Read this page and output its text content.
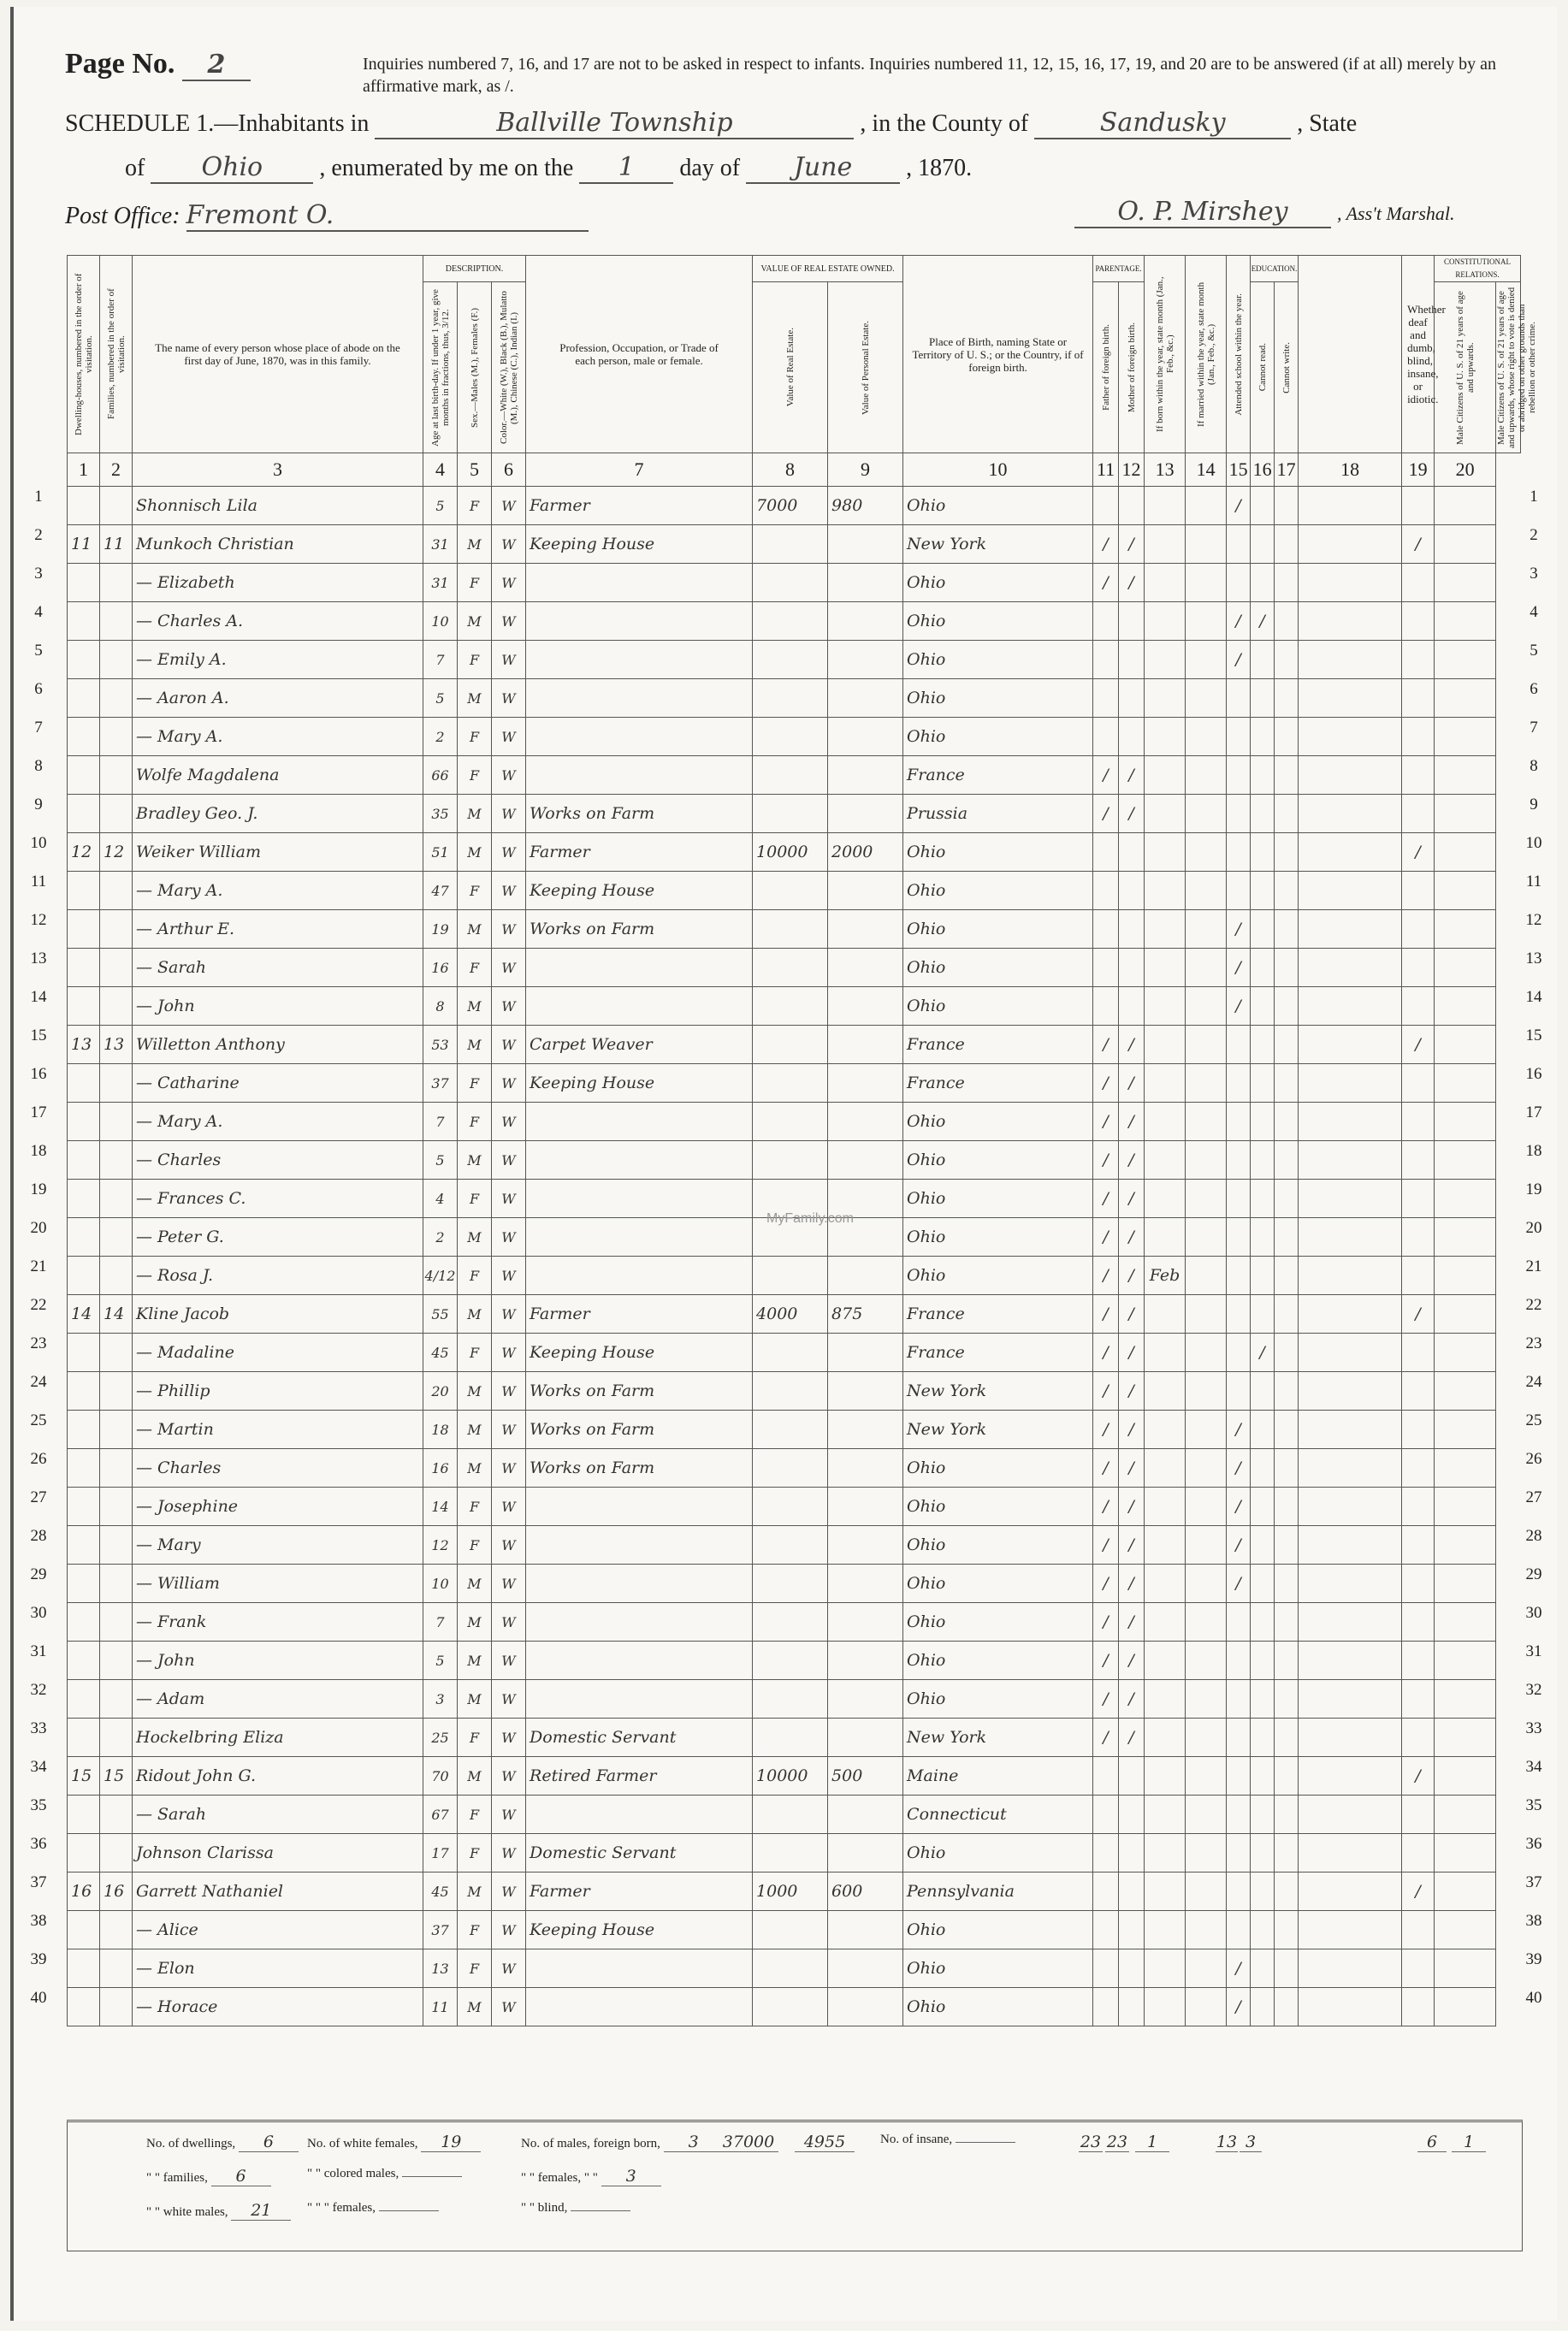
Page No. 2	Inquiries numbered 7, 16, and 17 are not to be asked in respect to infants. Inquiries numbered 11, 12, 15, 16, 17, 19, and 20 are to be answered (if at all) merely by an affirmative mark, as /.
SCHEDULE 1.—Inhabitants in	Ballville Township	, in the County of	Sandusky	, State
of Ohio , enumerated by me on the 1 day of June , 1870.
Post Office: Fremont O.	O. P. Mirshey	, Ass't Marshal.
Dwelling-houses, numbered in the order of visitation.	Families, numbered in the order of visitation.	The name of every person whose place of abode on the first day of June, 1870, was in this family.	DESCRIPTION.			Profession, Occupation, or Trade of each person, male or female.	VALUE OF REAL ESTATE OWNED.		Place of Birth, naming State or Territory of U. S.; or the Country, if of foreign birth.	PARENTAGE.		If born within the year, state month (Jan., Feb., &c.)	If married within the year, state month (Jan., Feb., &c.)	Attended school within the year.	EDUCATION.			Whether deaf and dumb, blind, insane, or idiotic.	CONSTITUTIONAL RELATIONS.	

			Age at last birth-day. If under 1 year, give months in fractions, thus, 3/12.	Sex.—Males (M.), Females (F.)	Color.—White (W.), Black (B.), Mulatto (M.), Chinese (C.), Indian (I.)		Value of Real Estate.	Value of Personal Estate.		Father of foreign birth.	Mother of foreign birth.				Cannot read.	Cannot write.			Male Citizens of U. S. of 21 years of age and upwards.	Male Citizens of U. S. of 21 years of age and upwards, whose right to vote is denied or abridged on other grounds than rebellion or other crime.

1	2	3	4	5	6	7	8	9	10	11	12	13	14	15	16	17	18	19	20	
		Shonnisch Lila	5	F	W	Farmer	7000	980	Ohio					/						
11	11	Munkoch Christian	31	M	W	Keeping House			New York	/	/							/		
		— Elizabeth	31	F	W				Ohio	/	/									
		— Charles A.	10	M	W				Ohio					/	/					
		— Emily A.	7	F	W				Ohio					/						
		— Aaron A.	5	M	W				Ohio											
		— Mary A.	2	F	W				Ohio											
		Wolfe Magdalena	66	F	W				France	/	/									
		Bradley Geo. J.	35	M	W	Works on Farm			Prussia	/	/									
12	12	Weiker William	51	M	W	Farmer	10000	2000	Ohio									/		
		— Mary A.	47	F	W	Keeping House			Ohio											
		— Arthur E.	19	M	W	Works on Farm			Ohio					/						
		— Sarah	16	F	W				Ohio					/						
		— John	8	M	W				Ohio					/						
13	13	Willetton Anthony	53	M	W	Carpet Weaver			France	/	/							/		
		— Catharine	37	F	W	Keeping House			France	/	/									
		— Mary A.	7	F	W				Ohio	/	/									
		— Charles	5	M	W				Ohio	/	/									
		— Frances C.	4	F	W				Ohio	/	/									
		— Peter G.	2	M	W				Ohio	/	/									
		— Rosa J.	4/12	F	W				Ohio	/	/	Feb								
14	14	Kline Jacob	55	M	W	Farmer	4000	875	France	/	/							/		
		— Madaline	45	F	W	Keeping House			France	/	/				/					
		— Phillip	20	M	W	Works on Farm			New York	/	/									
		— Martin	18	M	W	Works on Farm			New York	/	/			/						
		— Charles	16	M	W	Works on Farm			Ohio	/	/			/						
		— Josephine	14	F	W				Ohio	/	/			/						
		— Mary	12	F	W				Ohio	/	/			/						
		— William	10	M	W				Ohio	/	/			/						
		— Frank	7	M	W				Ohio	/	/									
		— John	5	M	W				Ohio	/	/									
		— Adam	3	M	W				Ohio	/	/									
		Hockelbring Eliza	25	F	W	Domestic Servant			New York	/	/									
15	15	Ridout John G.	70	M	W	Retired Farmer	10000	500	Maine									/		
		— Sarah	67	F	W				Connecticut											
		Johnson Clarissa	17	F	W	Domestic Servant			Ohio											
16	16	Garrett Nathaniel	45	M	W	Farmer	1000	600	Pennsylvania									/		
		— Alice	37	F	W	Keeping House			Ohio											
		— Elon	13	F	W				Ohio					/						
		— Horace	11	M	W				Ohio					/						
No. of dwellings, 6	No. of white females, 19	No. of males, foreign born, 3
" " families, 6	" " colored males,	" " females, " " 3
" " white males, 21	" " " females,	" " blind,
37000	4955	No. of insane,	23 23	1	13 3	6	1
MyFamily.com
1	1
2	2
3	3
4	4
5	5
6	6
7	7
8	8
9	9
10	10
11	11
12	12
13	13
14	14
15	15
16	16
17	17
18	18
19	19
20	20
21	21
22	22
23	23
24	24
25	25
26	26
27	27
28	28
29	29
30	30
31	31
32	32
33	33
34	34
35	35
36	36
37	37
38	38
39	39
40	40
